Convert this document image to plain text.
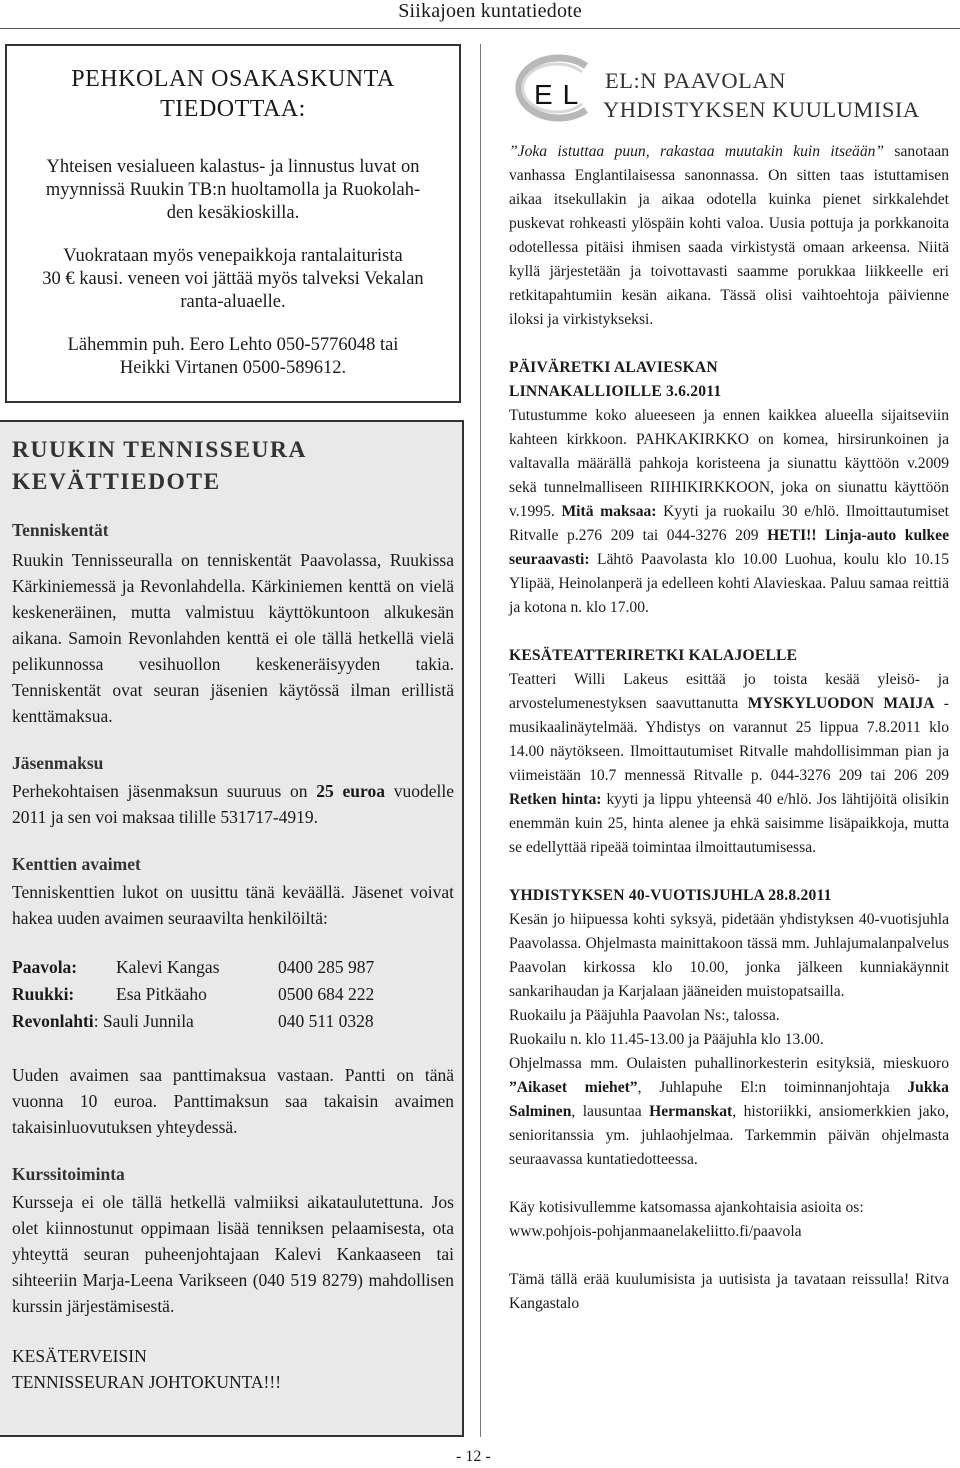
Siikajoen kuntatiedote
PEHKOLAN OSAKASKUNTA
TIEDOTTAA:

Yhteisen vesialueen kalastus- ja linnustus luvat on
myynnissä Ruukin TB:n huoltamolla ja Ruokolah-
den kesäkioskilla.

Vuokrataan myös venepaikkoja rantalaiturista
30 € kausi. veneen voi jättää myös talveksi Vekalan
ranta-aluaelle.

Lähemmin puh. Eero Lehto 050-5776048 tai
Heikki Virtanen 0500-589612.

RUUKIN TENNISSEURA
KEVÄTTIEDOTE
Tenniskentät

Ruukin Tennisseuralla on tenniskentät Paavolassa, Ruukissa Kärkiniemessä ja Revonlahdella. Kärkiniemen kenttä on vielä keskeneräinen, mutta valmistuu käyttökuntoon alkukesän aikana. Samoin Revonlahden kenttä ei ole tällä hetkellä vielä pelikunnossa vesihuollon keskeneräisyyden takia. Tenniskentät ovat seuran jäsenien käytössä ilman erillistä kenttämaksua.

Jäsenmaksu

Perhekohtaisen jäsenmaksun suuruus on 25 euroa vuodelle 2011 ja sen voi maksaa tilille 531717-4919.

Kenttien avaimet

Tenniskenttien lukot on uusittu tänä keväällä. Jäsenet voivat hakea uuden avaimen seuraavilta henkilöiltä:

Paavola:	Kalevi Kangas	0400 285 987
Ruukki:	Esa Pitkäaho	0500 684 222
Revonlahti: Sauli Junnila		040 511 0328

Uuden avaimen saa panttimaksua vastaan. Pantti on tänä vuonna 10 euroa. Panttimaksun saa takaisin avaimen takaisinluovutuksen yhteydessä.

Kurssitoiminta

Kursseja ei ole tällä hetkellä valmiiksi aikataulutettuna. Jos olet kiinnostunut oppimaan lisää tenniksen pelaamisesta, ota yhteyttä seuran puheenjohtajaan Kalevi Kankaaseen tai sihteeriin Marja-Leena Varikseen (040 519 8279) mahdollisen kurssin järjestämisestä.

KESÄTERVEISIN
TENNISSEURAN JOHTOKUNTA!!!

EL EL:N PAAVOLAN
YHDISTYKSEN KUULUMISIA

”Joka istuttaa puun, rakastaa muutakin kuin itseään” sanotaan vanhassa Englantilaisessa sanonnassa. On sitten taas istuttamisen aikaa itsekullakin ja aikaa odotella kuinka pienet sirkkalehdet puskevat rohkeasti ylöspäin kohti valoa. Uusia pottuja ja porkkanoita odotellessa pitäisi ihmisen saada virkistystä omaan arkeensa. Niitä kyllä järjestetään ja toivottavasti saamme porukkaa liikkeelle eri retkitapahtumiin kesän aikana. Tässä olisi vaihtoehtoja päivienne iloksi ja virkistykseksi.

PÄIVÄRETKI ALAVIESKAN
LINNAKALLIOILLE 3.6.2011

Tutustumme koko alueeseen ja ennen kaikkea alueella sijaitseviin kahteen kirkkoon. PAHKAKIRKKO on komea, hirsirunkoinen ja valtavalla määrällä pahkoja koristeena ja siunattu käyttöön v.2009 sekä tunnelmalliseen RIIHIKIRKKOON, joka on siunattu käyttöön v.1995. Mitä maksaa: Kyyti ja ruokailu 30 e/hlö. Ilmoittautumiset Ritvalle p.276 209 tai 044-3276 209 HETI!! Linja-auto kulkee seuraavasti: Lähtö Paavolasta klo 10.00 Luohua, koulu klo 10.15 Ylipää, Heinolanperä ja edelleen kohti Alavieskaa. Paluu samaa reittiä ja kotona n. klo 17.00.

KESÄTEATTERIRETKI KALAJOELLE

Teatteri Willi Lakeus esittää jo toista kesää yleisö- ja arvostelumenestyksen saavuttanutta MYSKYLUODON MAIJA -musikaalinäytelmää. Yhdistys on varannut 25 lippua 7.8.2011 klo 14.00 näytökseen. Ilmoittautumiset Ritvalle mahdollisimman pian ja viimeistään 10.7 mennessä Ritvalle p. 044-3276 209 tai 206 209 Retken hinta: kyyti ja lippu yhteensä 40 e/hlö. Jos lähtijöitä olisikin enemmän kuin 25, hinta alenee ja ehkä saisimme lisäpaikkoja, mutta se edellyttää ripeää toimintaa ilmoittautumisessa.

YHDISTYKSEN 40-VUOTISJUHLA 28.8.2011

Kesän jo hiipuessa kohti syksyä, pidetään yhdistyksen 40-vuotisjuhla Paavolassa. Ohjelmasta mainittakoon tässä mm. Juhlajumalanpalvelus Paavolan kirkossa klo 10.00, jonka jälkeen kunniakäynnit sankarihaudan ja Karjalaan jääneiden muistopatsailla.

Ruokailu ja Pääjuhla Paavolan Ns:, talossa.

Ruokailu n. klo 11.45-13.00 ja Pääjuhla klo 13.00.

Ohjelmassa mm. Oulaisten puhallinorkesterin esityksiä, mieskuoro ”Aikaset miehet”, Juhlapuhe El:n toiminnanjohtaja Jukka Salminen, lausuntaa Hermanskat, historiikki, ansiomerkkien jako, senioritanssia ym. juhlaohjelmaa. Tarkemmin päivän ohjelmasta seuraavassa kuntatiedotteessa.

Käy kotisivullemme katsomassa ajankohtaisia asioita os:
www.pohjois-pohjanmaanelakeliitto.fi/paavola

Tämä tällä erää kuulumisista ja uutisista ja tavataan reissulla! Ritva Kangastalo

- 12 -
